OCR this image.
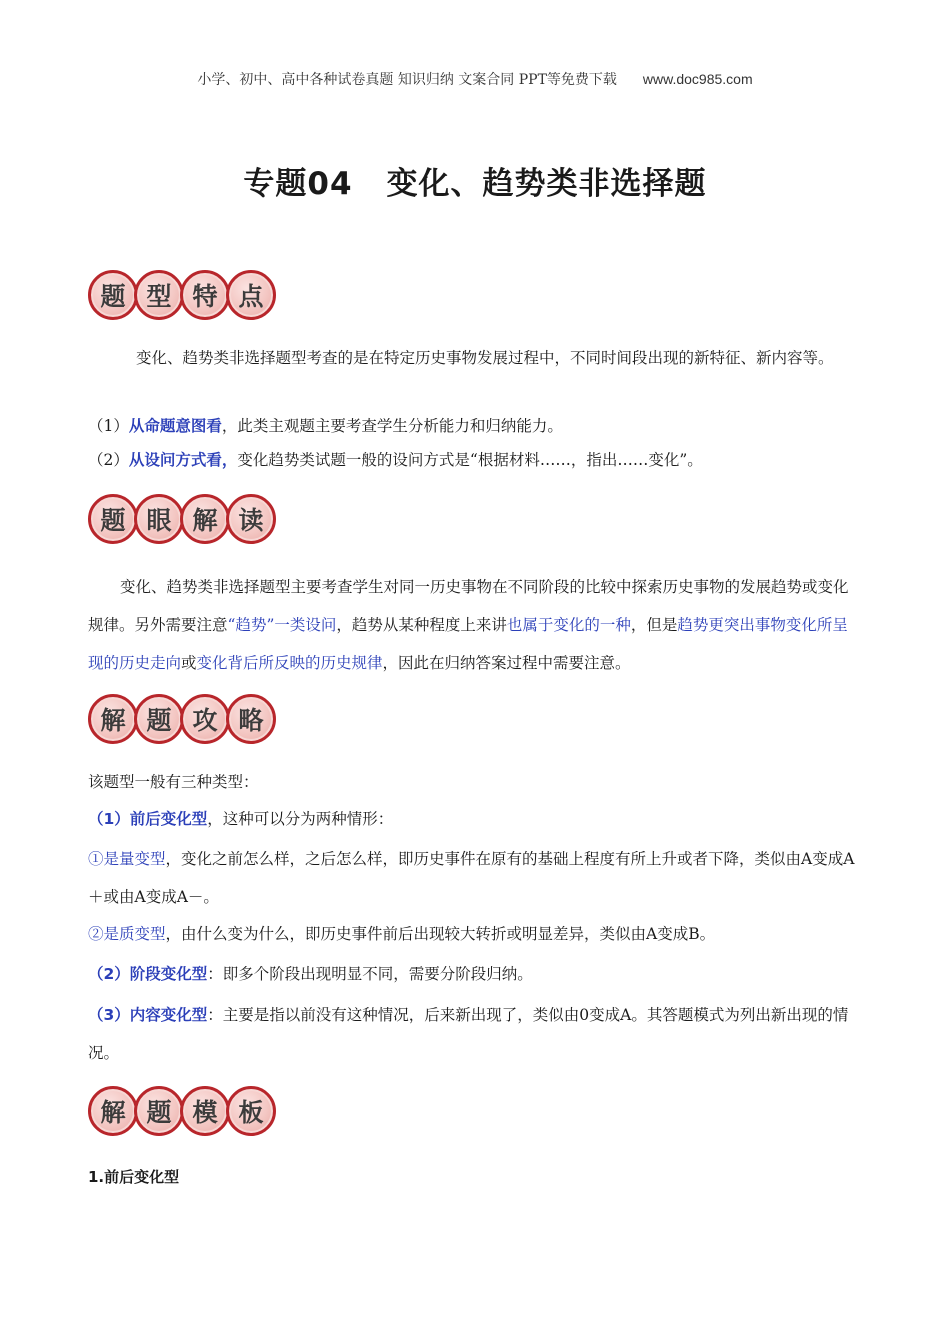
小学、初中、高中各种试卷真题 知识归纳 文案合同 PPT等免费下载 www.doc985.com
专题04 变化、趋势类非选择题
题 型 特 点
变化、趋势类非选择题型考查的是在特定历史事物发展过程中，不同时间段出现的新特征、新内容等。
（1）从命题意图看，此类主观题主要考查学生分析能力和归纳能力。
（2）从设问方式看，变化趋势类试题一般的设问方式是“根据材料……，指出……变化”。
题 眼 解 读
变化、趋势类非选择题型主要考查学生对同一历史事物在不同阶段的比较中探索历史事物的发展趋势或变化规律。另外需要注意“趋势”一类设问，趋势从某种程度上来讲也属于变化的一种，但是趋势更突出事物变化所呈现的历史走向或变化背后所反映的历史规律，因此在归纳答案过程中需要注意。
解 题 攻 略
该题型一般有三种类型：
（1）前后变化型，这种可以分为两种情形：
①是量变型，变化之前怎么样，之后怎么样，即历史事件在原有的基础上程度有所上升或者下降，类似由A变成A＋或由A变成A－。
②是质变型，由什么变为什么，即历史事件前后出现较大转折或明显差异，类似由A变成B。
（2）阶段变化型：即多个阶段出现明显不同，需要分阶段归纳。
（3）内容变化型：主要是指以前没有这种情况，后来新出现了，类似由0变成A。其答题模式为列出新出现的情况。
解 题 模 板
1.前后变化型
